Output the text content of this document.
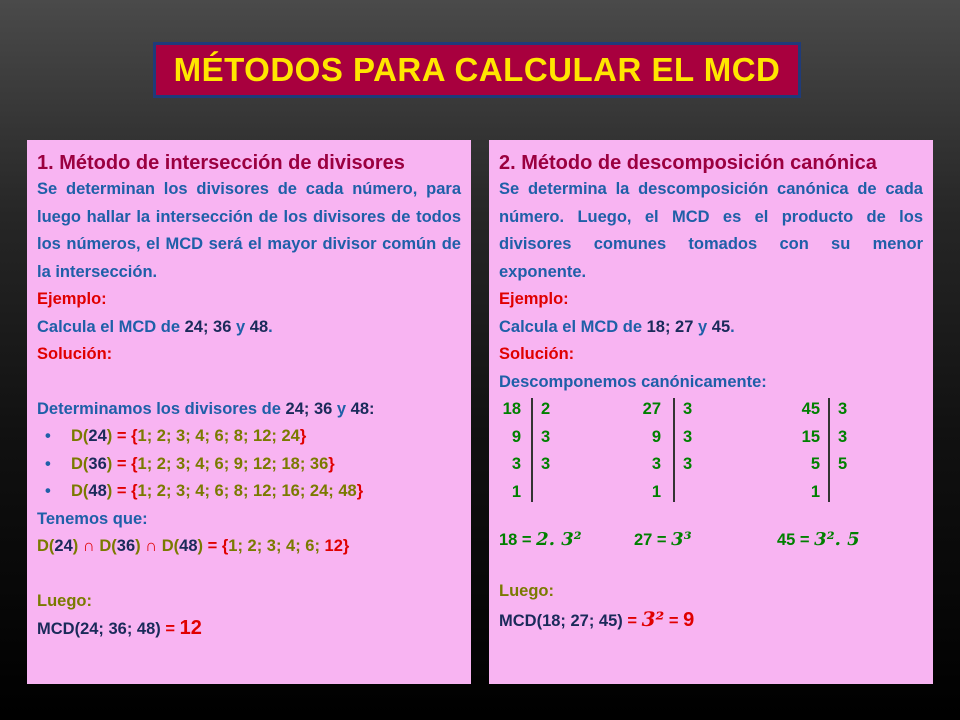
MÉTODOS PARA CALCULAR EL MCD
1. Método de intersección de divisores
Se determinan los divisores de cada número, para luego hallar la intersección de los divisores de todos los números, el MCD será el mayor divisor común de la intersección.
Ejemplo:
Calcula el MCD de 24; 36 y 48.
Solución:
Determinamos los divisores de 24; 36 y 48:
• D(24) = {1; 2; 3; 4; 6; 8; 12; 24}
• D(36) = {1; 2; 3; 4; 6; 9; 12; 18; 36}
• D(48) = {1; 2; 3; 4; 6; 8; 12; 16; 24; 48}
Tenemos que:
D(24) ∩ D(36) ∩ D(48) = {1; 2; 3; 4; 6; 12}
Luego:
MCD(24; 36; 48) = 12
2. Método de descomposición canónica
Se determina la descomposición canónica de cada número. Luego, el MCD es el producto de los divisores comunes tomados con su menor exponente.
Ejemplo:
Calcula el MCD de 18; 27 y 45.
Solución:
Descomponemos canónicamente:
18 2
9 3
3 3
1
27 3
9 3
3 3
1
45 3
15 3
5 5
1
18 = 2. 3²	27 = 3³	45 = 3². 5
Luego:
MCD(18; 27; 45) = 3² = 9
